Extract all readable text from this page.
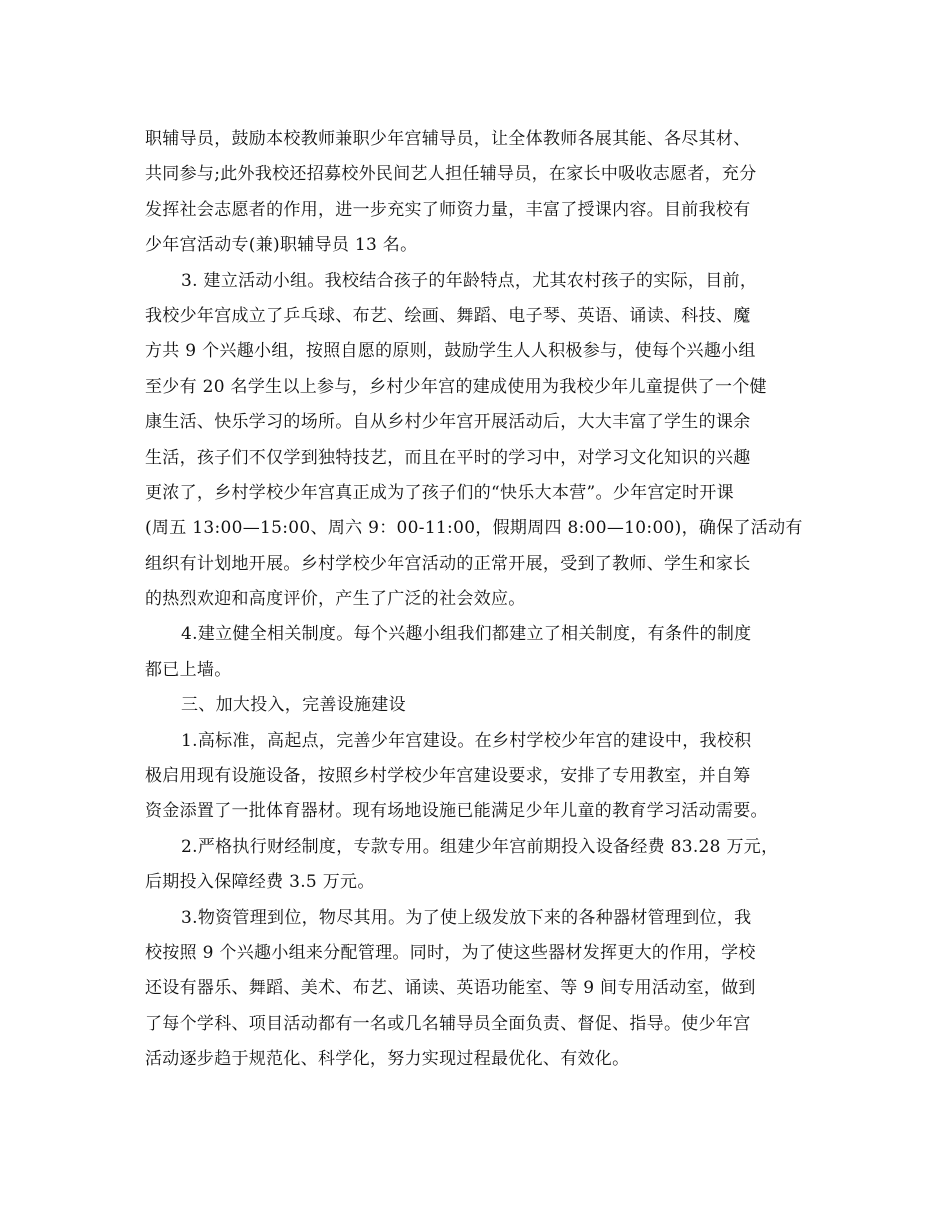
职辅导员，鼓励本校教师兼职少年宫辅导员，让全体教师各展其能、各尽其材、
共同参与;此外我校还招募校外民间艺人担任辅导员，在家长中吸收志愿者，充分
发挥社会志愿者的作用，进一步充实了师资力量，丰富了授课内容。目前我校有
少年宫活动专(兼)职辅导员 13 名。
3. 建立活动小组。我校结合孩子的年龄特点，尤其农村孩子的实际，目前，
我校少年宫成立了乒乓球、布艺、绘画、舞蹈、电子琴、英语、诵读、科技、魔
方共 9 个兴趣小组，按照自愿的原则，鼓励学生人人积极参与，使每个兴趣小组
至少有 20 名学生以上参与，乡村少年宫的建成使用为我校少年儿童提供了一个健
康生活、快乐学习的场所。自从乡村少年宫开展活动后，大大丰富了学生的课余
生活，孩子们不仅学到独特技艺，而且在平时的学习中，对学习文化知识的兴趣
更浓了，乡村学校少年宫真正成为了孩子们的“快乐大本营”。少年宫定时开课
(周五 13:00—15:00、周六 9：00-11:00，假期周四 8:00—10:00)，确保了活动有
组织有计划地开展。乡村学校少年宫活动的正常开展，受到了教师、学生和家长
的热烈欢迎和高度评价，产生了广泛的社会效应。
4.建立健全相关制度。每个兴趣小组我们都建立了相关制度，有条件的制度
都已上墙。
三、加大投入，完善设施建设
1.高标准，高起点，完善少年宫建设。在乡村学校少年宫的建设中，我校积
极启用现有设施设备，按照乡村学校少年宫建设要求，安排了专用教室，并自筹
资金添置了一批体育器材。现有场地设施已能满足少年儿童的教育学习活动需要。
2.严格执行财经制度，专款专用。组建少年宫前期投入设备经费 83.28 万元，
后期投入保障经费 3.5 万元。
3.物资管理到位，物尽其用。为了使上级发放下来的各种器材管理到位，我
校按照 9 个兴趣小组来分配管理。同时，为了使这些器材发挥更大的作用，学校
还设有器乐、舞蹈、美术、布艺、诵读、英语功能室、等 9 间专用活动室，做到
了每个学科、项目活动都有一名或几名辅导员全面负责、督促、指导。使少年宫
活动逐步趋于规范化、科学化，努力实现过程最优化、有效化。
